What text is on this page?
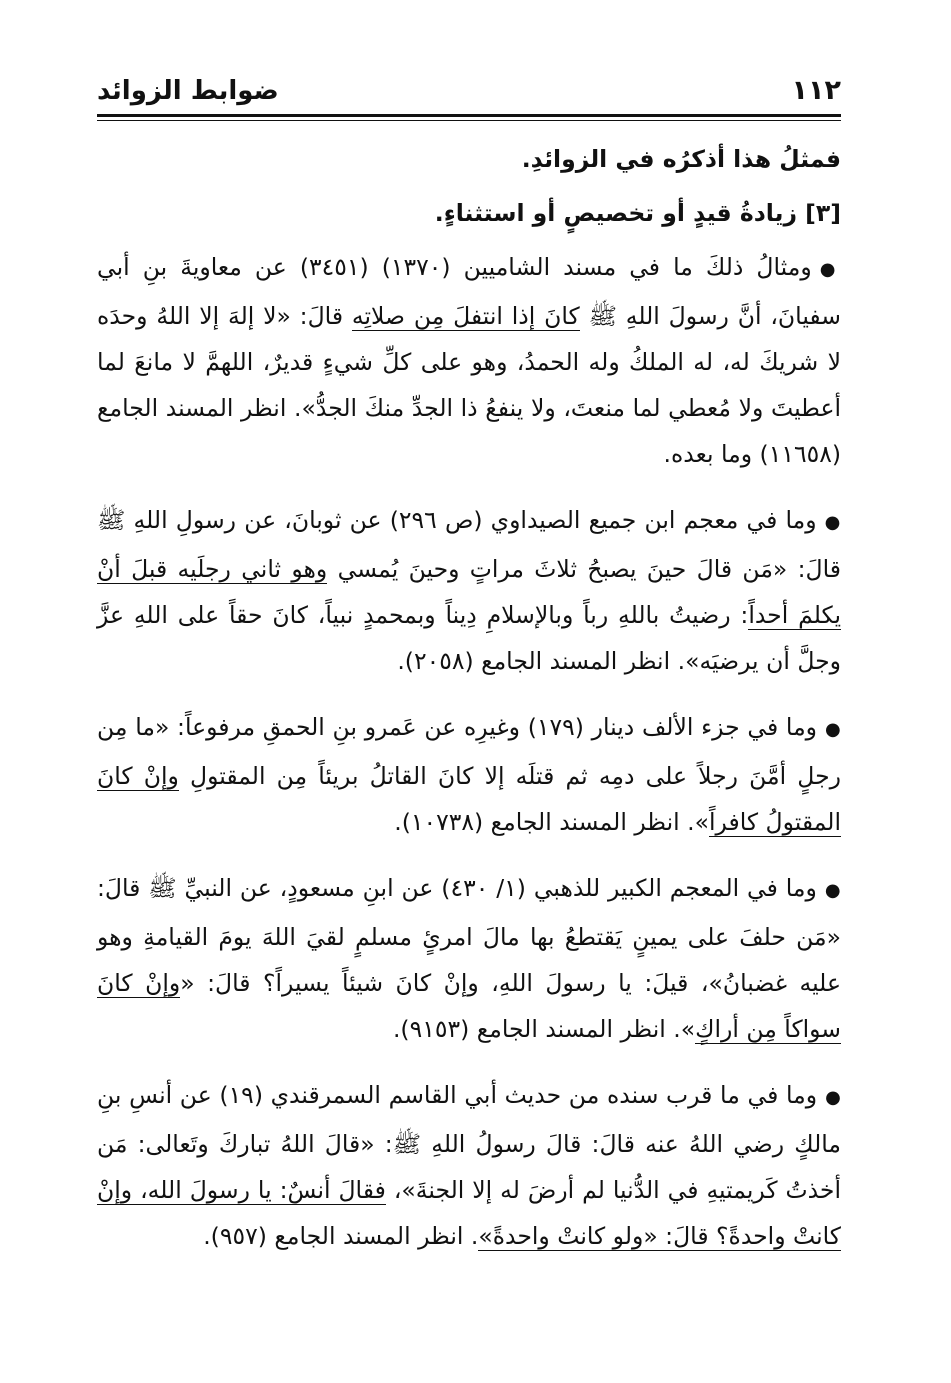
١١٢
ضوابط الزوائد

فمثلُ هذا أذكرُه في الزوائدِ.

[٣] زيادةُ قيدٍ أو تخصيصٍ أو استثناءٍ.

●ومثالُ ذلكَ ما في مسند الشاميين (١٣٧٠) (٣٤٥١) عن معاويةَ بنِ أبي سفيانَ، أنَّ رسولَ اللهِ ﷺ كانَ إذا انتفلَ مِن صلاتِه قالَ: «لا إلهَ إلا اللهُ وحدَه لا شريكَ له، له الملكُ وله الحمدُ، وهو على كلِّ شيءٍ قديرٌ، اللهمَّ لا مانعَ لما أعطيتَ ولا مُعطي لما منعتَ، ولا ينفعُ ذا الجدِّ منكَ الجدُّ». انظر المسند الجامع (١١٦٥٨) وما بعده.

●وما في معجم ابن جميع الصيداوي (ص ٢٩٦) عن ثوبانَ، عن رسولِ اللهِ ﷺ قالَ: «مَن قالَ حينَ يصبحُ ثلاثَ مراتٍ وحينَ يُمسي وهو ثاني رجلَيه قبلَ أنْ يكلمَ أحداً: رضيتُ باللهِ رباً وبالإسلامِ دِيناً وبمحمدٍ نبياً، كانَ حقاً على اللهِ عزَّ وجلَّ أن يرضيَه». انظر المسند الجامع (٢٠٥٨).

●وما في جزء الألف دينار (١٧٩) وغيرِه عن عَمرو بنِ الحمقِ مرفوعاً: «ما مِن رجلٍ أمَّنَ رجلاً على دمِه ثم قتلَه إلا كانَ القاتلُ بريئاً مِن المقتولِ وإنْ كانَ المقتولُ كافراً». انظر المسند الجامع (١٠٧٣٨).

●وما في المعجم الكبير للذهبي (١/ ٤٣٠) عن ابنِ مسعودٍ، عن النبيِّ ﷺ قالَ: «مَن حلفَ على يمينٍ يَقتطعُ بها مالَ امرئٍ مسلمٍ لقيَ اللهَ يومَ القيامةِ وهو عليه غضبانُ»، قيلَ: يا رسولَ اللهِ، وإنْ كانَ شيئاً يسيراً؟ قالَ: «وإنْ كانَ سواكاً مِن أراكٍ». انظر المسند الجامع (٩١٥٣).

●وما في ما قرب سنده من حديث أبي القاسم السمرقندي (١٩) عن أنسِ بنِ مالكٍ رضي اللهُ عنه قالَ: قالَ رسولُ اللهِ ﷺ: «قالَ اللهُ تباركَ وتَعالى: مَن أخذتُ كَريمتيهِ في الدُّنيا لم أرضَ له إلا الجنةَ»، فقالَ أنسٌ: يا رسولَ الله، وإنْ كانتْ واحدةً؟ قالَ: «ولو كانتْ واحدةً». انظر المسند الجامع (٩٥٧).
